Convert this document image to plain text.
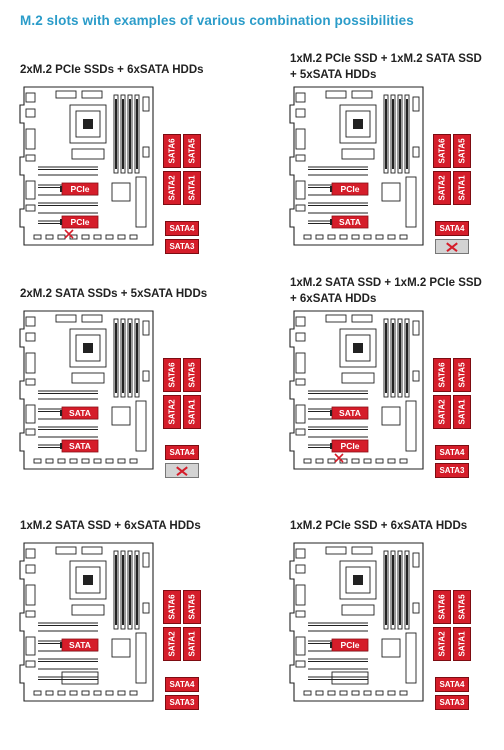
M.2 slots with examples of various combination possibilities
2xM.2 PCIe SSDs + 6xSATA HDDs
PCIe
PCIe
SATA6 SATA5
SATA2 SATA1
SATA4
SATA3
1xM.2 PCIe SSD + 1xM.2 SATA SSD
+ 5xSATA HDDs
PCIe
SATA
SATA6 SATA5
SATA2 SATA1
SATA4
2xM.2 SATA SSDs + 5xSATA HDDs
SATA
SATA
SATA6 SATA5
SATA2 SATA1
SATA4
1xM.2 SATA SSD + 1xM.2 PCIe SSD
+ 6xSATA HDDs
SATA
PCIe
SATA6 SATA5
SATA2 SATA1
SATA4
SATA3
1xM.2 SATA SSD + 6xSATA HDDs
SATA
SATA6 SATA5
SATA2 SATA1
SATA4
SATA3
1xM.2 PCIe SSD + 6xSATA HDDs
PCIe
SATA6 SATA5
SATA2 SATA1
SATA4
SATA3
